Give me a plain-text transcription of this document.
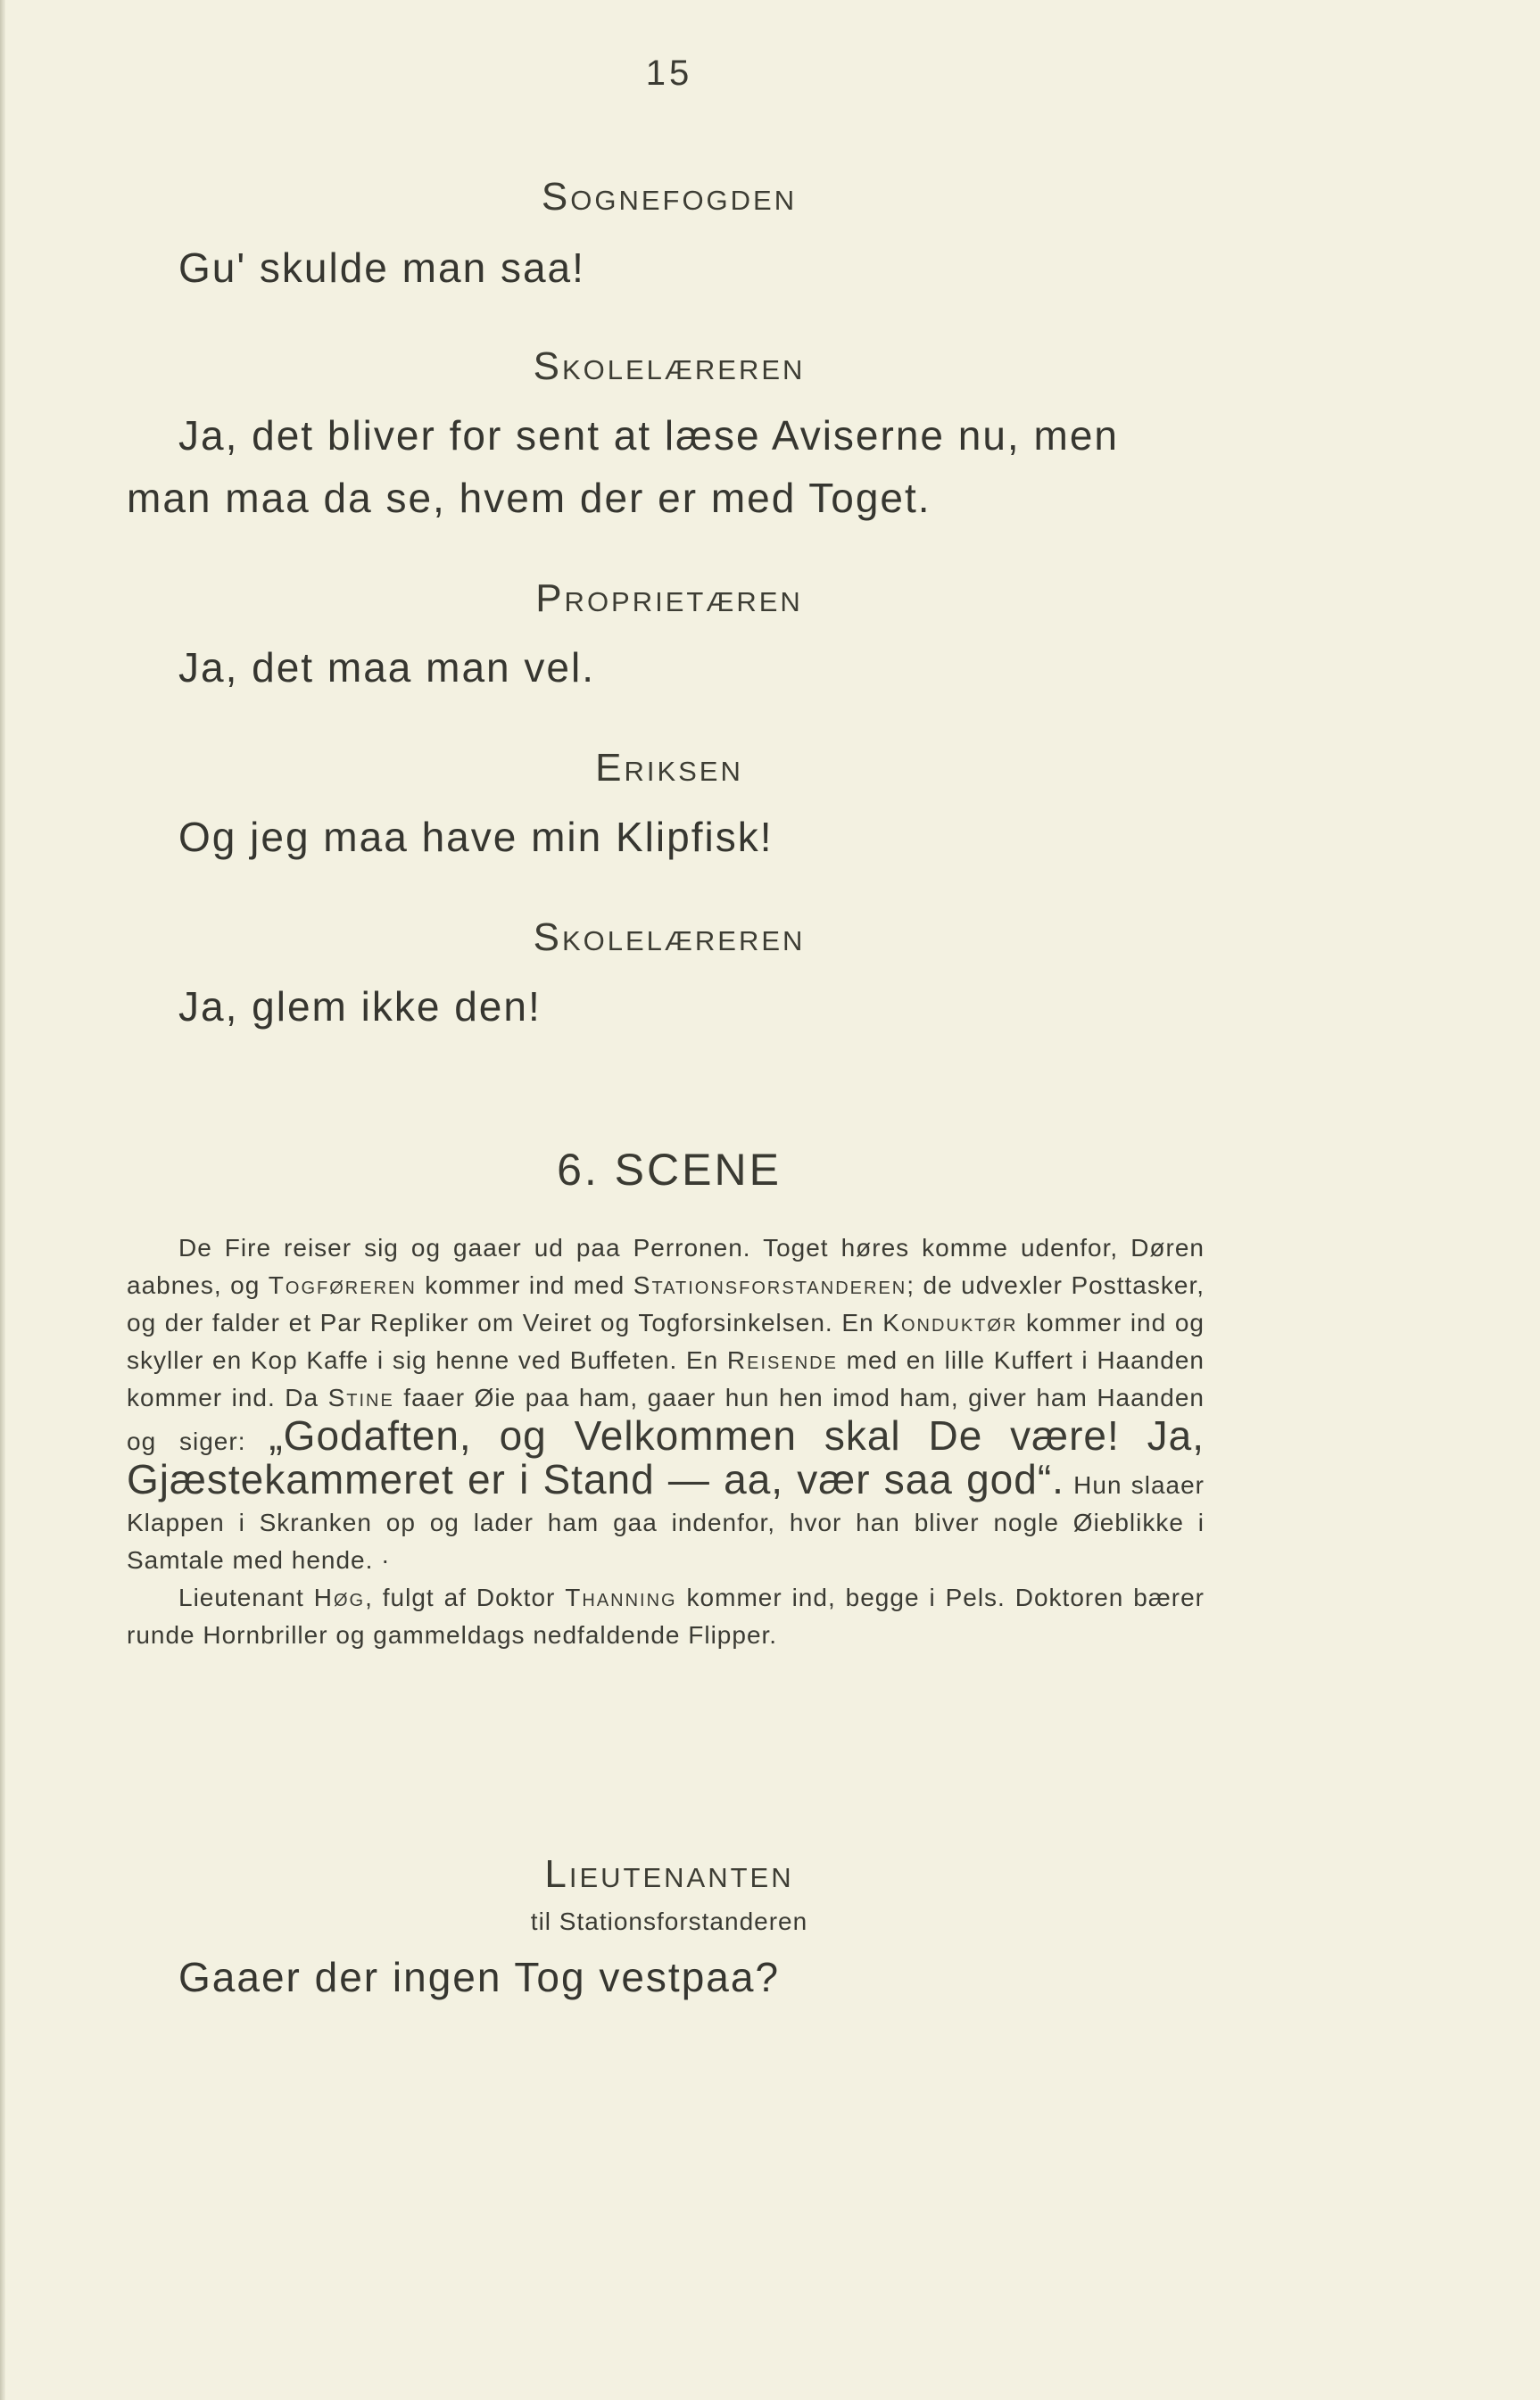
15
Sognefogden
Gu' skulde man saa!
Skolelæreren
Ja, det bliver for sent at læse Aviserne nu, men
man maa da se, hvem der er med Toget.
Proprietæren
Ja, det maa man vel.
Eriksen
Og jeg maa have min Klipfisk!
Skolelæreren
Ja, glem ikke den!
6. SCENE

De Fire reiser sig og gaaer ud paa Perronen. Toget høres komme udenfor, Døren aabnes, og Togføreren kommer ind med Stationsforstanderen; de udvexler Posttasker, og der falder et Par Repliker om Veiret og Togforsinkelsen. En Konduktør kommer ind og skyller en Kop Kaffe i sig henne ved Buffeten. En Reisende med en lille Kuffert i Haanden kommer ind. Da Stine faaer Øie paa ham, gaaer hun hen imod ham, giver ham Haanden og siger: „Godaften, og Velkommen skal De være! Ja, Gjæstekammeret er i Stand — aa, vær saa god“. Hun slaaer Klappen i Skranken op og lader ham gaa indenfor, hvor han bliver nogle Øieblikke i Samtale med hende. ·

Lieutenant Høg, fulgt af Doktor Thanning kommer ind, begge i Pels. Doktoren bærer runde Hornbriller og gammeldags nedfaldende Flipper.

Lieutenanten
til Stationsforstanderen
Gaaer der ingen Tog vestpaa?
